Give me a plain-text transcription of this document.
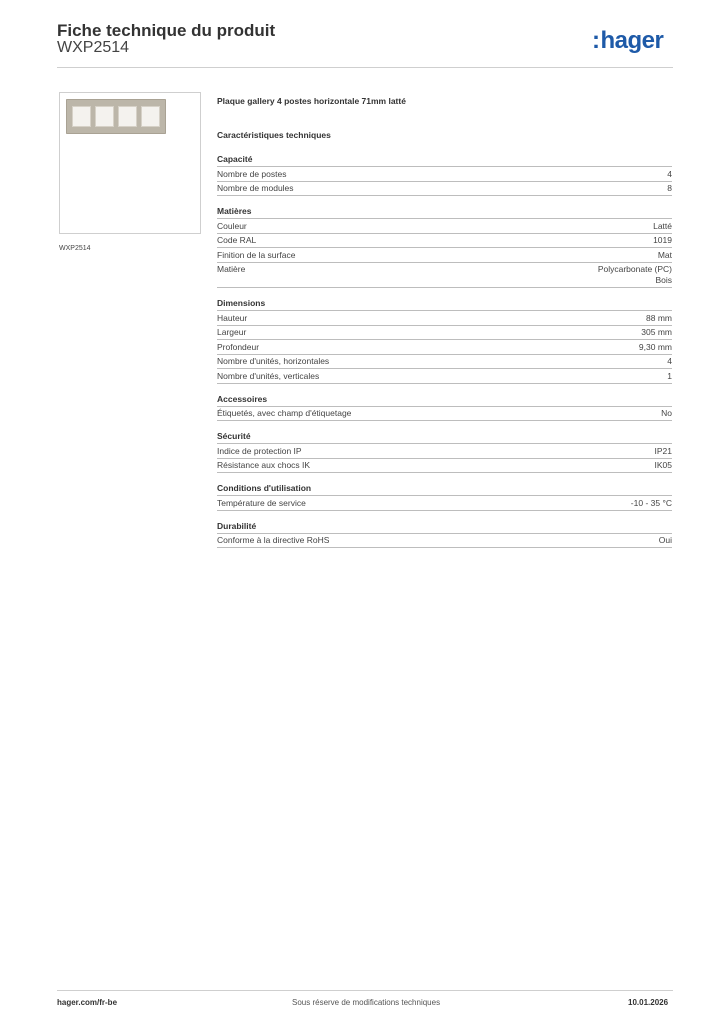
Fiche technique du produit
WXP2514	:hager
WXP2514
Plaque gallery 4 postes horizontale 71mm latté
Caractéristiques techniques
Capacité
Nombre de postes	4
Nombre de modules	8
Matières
Couleur	Latté
Code RAL	1019
Finition de la surface	Mat
Matière	Polycarbonate (PC)
Bois
Dimensions
Hauteur	88 mm
Largeur	305 mm
Profondeur	9,30 mm
Nombre d'unités, horizontales	4
Nombre d'unités, verticales	1
Accessoires
Étiquetés, avec champ d'étiquetage	No
Sécurité
Indice de protection IP	IP21
Résistance aux chocs IK	IK05
Conditions d'utilisation
Température de service	-10 - 35 °C
Durabilité
Conforme à la directive RoHS	Oui
hager.com/fr-be	Sous réserve de modifications techniques	10.01.2026
